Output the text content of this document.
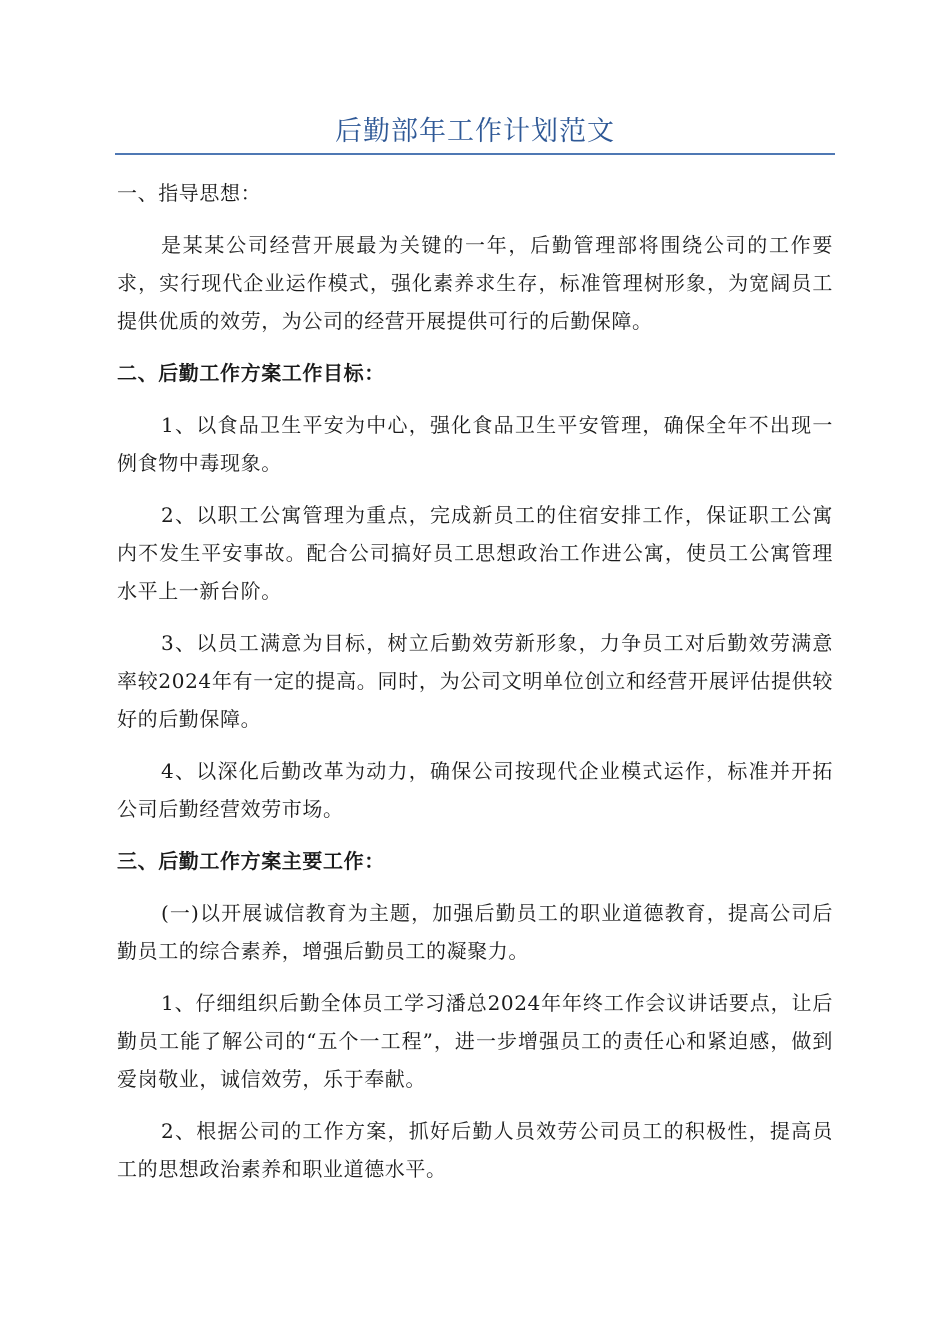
后勤部年工作计划范文

一、指导思想：

是某某公司经营开展最为关键的一年，后勤管理部将围绕公司的工作要求，实行现代企业运作模式，强化素养求生存，标准管理树形象，为宽阔员工提供优质的效劳，为公司的经营开展提供可行的后勤保障。

二、后勤工作方案工作目标：

1、以食品卫生平安为中心，强化食品卫生平安管理，确保全年不出现一例食物中毒现象。

2、以职工公寓管理为重点，完成新员工的住宿安排工作，保证职工公寓内不发生平安事故。配合公司搞好员工思想政治工作进公寓，使员工公寓管理水平上一新台阶。

3、以员工满意为目标，树立后勤效劳新形象，力争员工对后勤效劳满意率较2024年有一定的提高。同时，为公司文明单位创立和经营开展评估提供较好的后勤保障。

4、以深化后勤改革为动力，确保公司按现代企业模式运作，标准并开拓公司后勤经营效劳市场。

三、后勤工作方案主要工作：

(一)以开展诚信教育为主题，加强后勤员工的职业道德教育，提高公司后勤员工的综合素养，增强后勤员工的凝聚力。

1、仔细组织后勤全体员工学习潘总2024年年终工作会议讲话要点，让后勤员工能了解公司的“五个一工程”，进一步增强员工的责任心和紧迫感，做到爱岗敬业，诚信效劳，乐于奉献。

2、根据公司的工作方案，抓好后勤人员效劳公司员工的积极性，提高员工的思想政治素养和职业道德水平。
